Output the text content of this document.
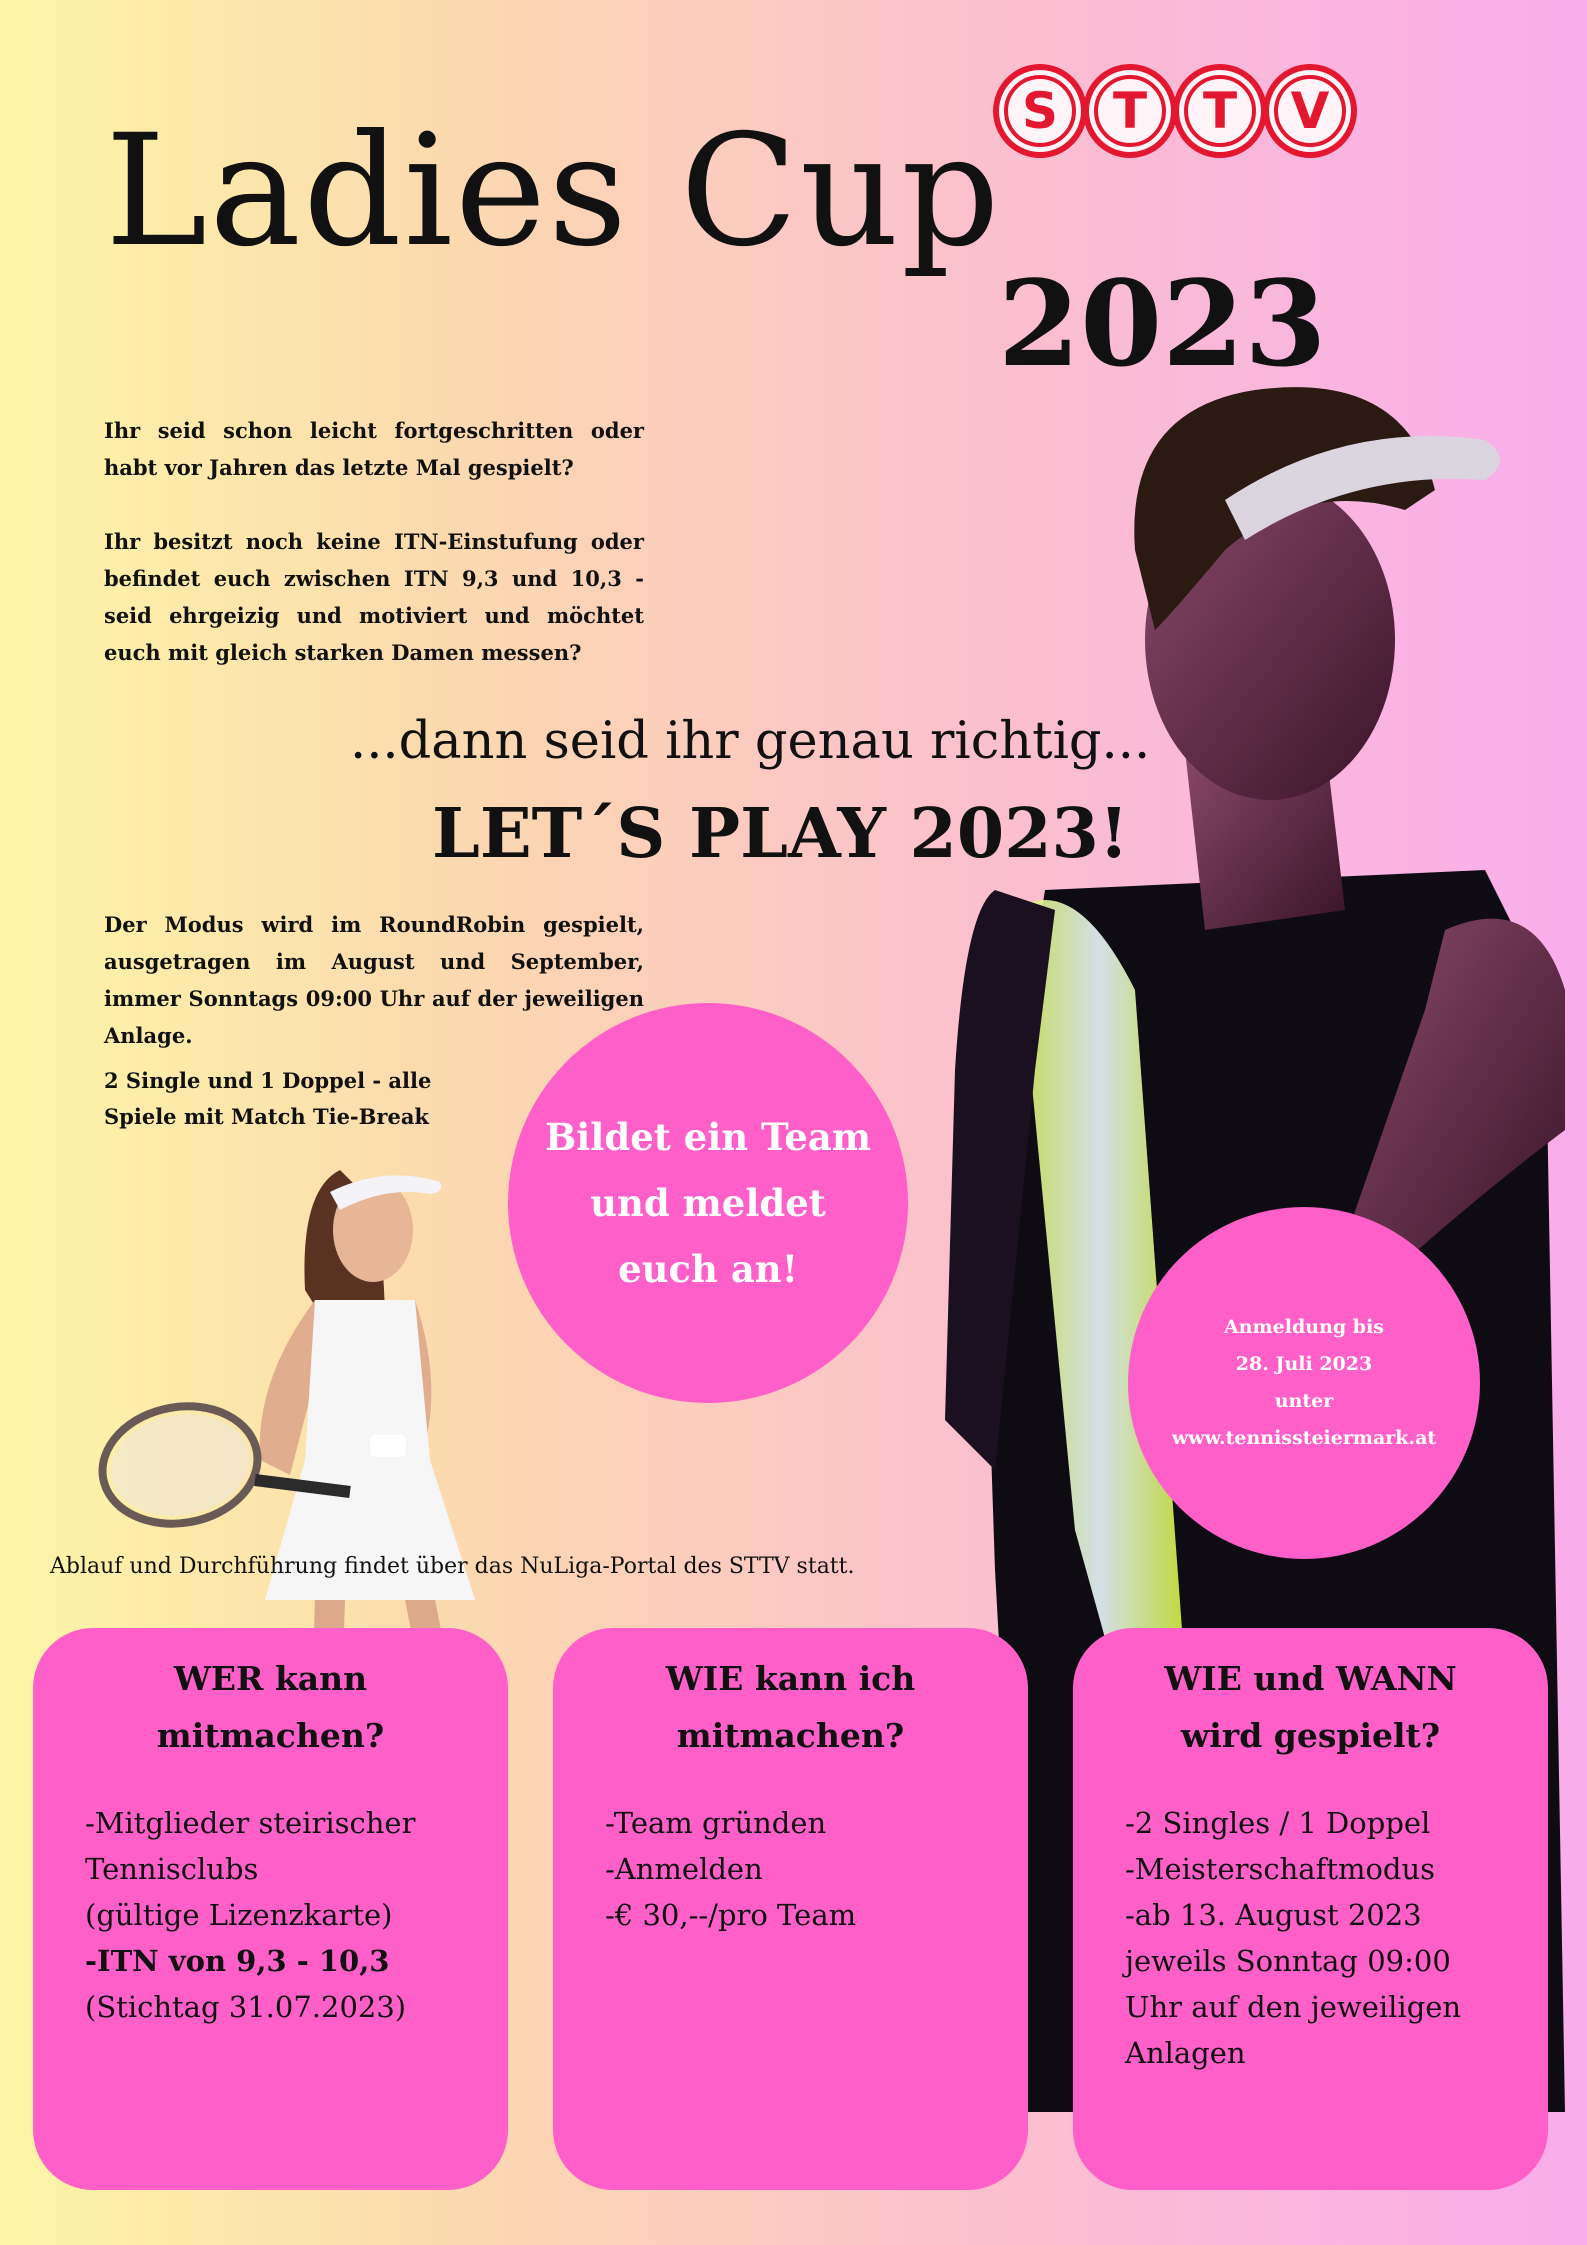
S	T	T	V
Ladies Cup
2023
Ihr seid schon leicht fortgeschritten oder habt vor Jahren das letzte Mal gespielt?
Ihr besitzt noch keine ITN-Einstufung oder befindet euch zwischen ITN 9,3 und 10,3 - seid ehrgeizig und motiviert und möchtet euch mit gleich starken Damen messen?
...dann seid ihr genau richtig...
LET´S PLAY 2023!
Der Modus wird im RoundRobin gespielt, ausgetragen im August und September, immer Sonntags 09:00 Uhr auf der jeweiligen Anlage.
2 Single und 1 Doppel - alle
Spiele mit Match Tie-Break	Bildet ein Team
und meldet
euch an!
Anmeldung bis
28. Juli 2023
unter
www.tennissteiermark.at
Ablauf und Durchführung findet über das NuLiga-Portal des STTV statt.
WER kann
mitmachen?
-Mitglieder steirischer
Tennisclubs
(gültige Lizenzkarte)
-ITN von 9,3 - 10,3
(Stichtag 31.07.2023)
WIE kann ich
mitmachen?
-Team gründen
-Anmelden
-€ 30,--/pro Team
WIE und WANN
wird gespielt?
-2 Singles / 1 Doppel
-Meisterschaftmodus
-ab 13. August 2023
jeweils Sonntag 09:00
Uhr auf den jeweiligen
Anlagen
